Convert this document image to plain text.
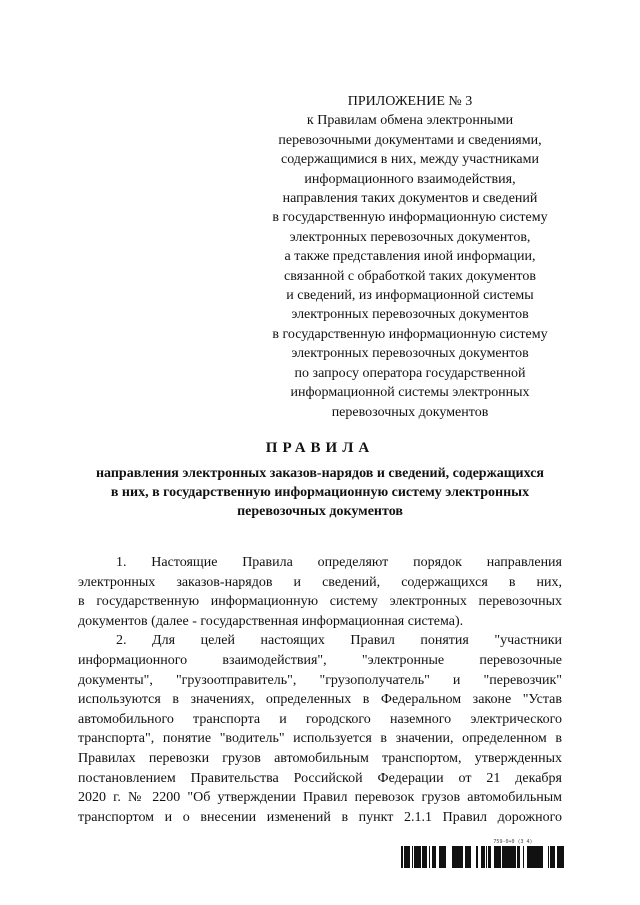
ПРИЛОЖЕНИЕ № 3
к Правилам обмена электронными
перевозочными документами и сведениями,
содержащимися в них, между участниками
информационного взаимодействия,
направления таких документов и сведений
в государственную информационную систему
электронных перевозочных документов,
а также представления иной информации,
связанной с обработкой таких документов
и сведений, из информационной системы
электронных перевозочных документов
в государственную информационную систему
электронных перевозочных документов
по запросу оператора государственной
информационной системы электронных
перевозочных документов
ПРАВИЛА
направления электронных заказов-нарядов и сведений, содержащихся
в них, в государственную информационную систему электронных
перевозочных документов
1. Настоящие Правила определяют порядок направления
электронных заказов-нарядов и сведений, содержащихся в них,
в государственную информационную систему электронных перевозочных
документов (далее - государственная информационная система).
2. Для целей настоящих Правил понятия "участники
информационного взаимодействия", "электронные перевозочные
документы", "грузоотправитель", "грузополучатель" и "перевозчик"
используются в значениях, определенных в Федеральном законе "Устав
автомобильного транспорта и городского наземного электрического
транспорта", понятие "водитель" используется в значении, определенном в
Правилах перевозки грузов автомобильным транспортом, утвержденных
постановлением Правительства Российской Федерации от 21 декабря
2020 г. № 2200 "Об утверждении Правил перевозок грузов автомобильным
транспортом и о внесении изменений в пункт 2.1.1 Правил дорожного
759-0+0 (3 4)
